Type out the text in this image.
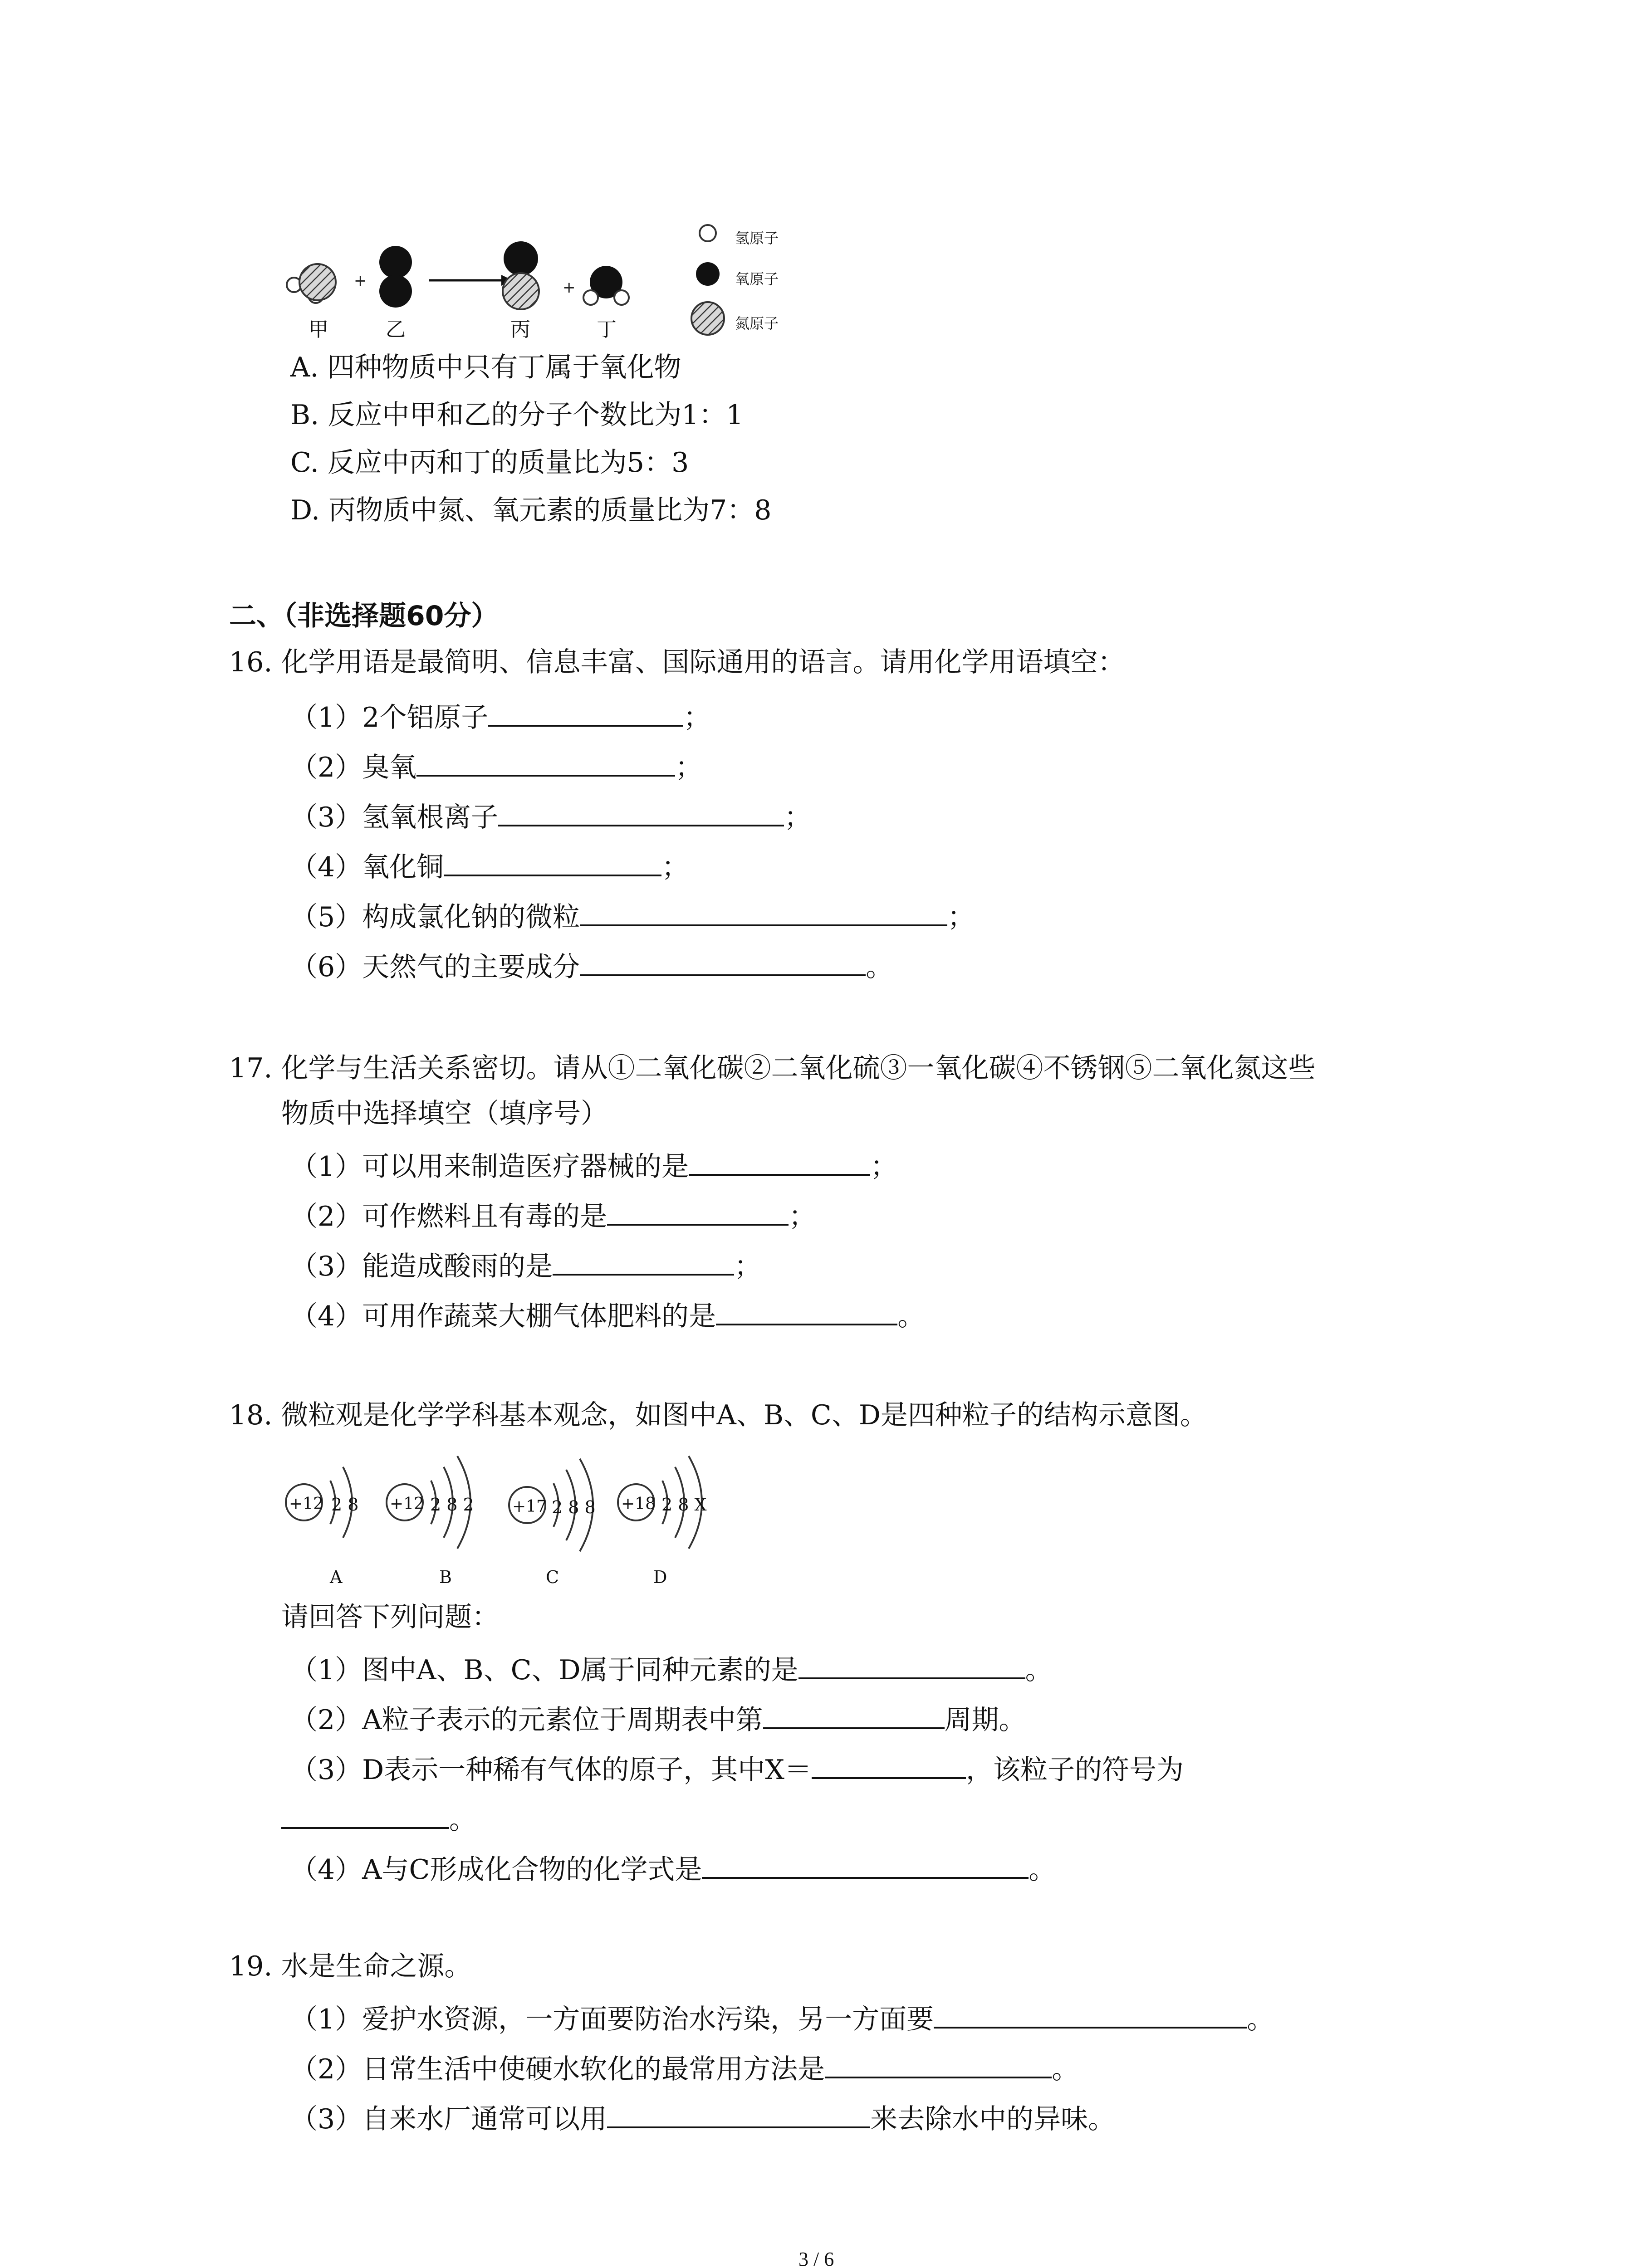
+	+
甲	乙	丙	丁
氢原子
氧原子
氮原子
A. 四种物质中只有丁属于氧化物
B. 反应中甲和乙的分子个数比为1：1
C. 反应中丙和丁的质量比为5：3
D. 丙物质中氮、氧元素的质量比为7：8
二、（非选择题60分）
16. 化学用语是最简明、信息丰富、国际通用的语言。请用化学用语填空：
（1）2个铝原子	；
（2）臭氧	；
（3）氢氧根离子	；
（4）氧化铜	；
（5）构成氯化钠的微粒	；
（6）天然气的主要成分	。
17. 化学与生活关系密切。请从①二氧化碳②二氧化硫③一氧化碳④不锈钢⑤二氧化氮这些
物质中选择填空（填序号）
（1）可以用来制造医疗器械的是	；
（2）可作燃料且有毒的是	；
（3）能造成酸雨的是	；
（4）可用作蔬菜大棚气体肥料的是	。
18. 微粒观是化学学科基本观念，如图中A、B、C、D是四种粒子的结构示意图。
+12 2 8
A
+12 2 8 2
B
+17 2 8 8
C
+18 2 8 X
D
请回答下列问题：
（1）图中A、B、C、D属于同种元素的是	。
（2）A粒子表示的元素位于周期表中第	周期。
（3）D表示一种稀有气体的原子，其中X＝	，该粒子的符号为
。
（4）A与C形成化合物的化学式是	。
19. 水是生命之源。
（1）爱护水资源，一方面要防治水污染，另一方面要	。
（2）日常生活中使硬水软化的最常用方法是	。
（3）自来水厂通常可以用	来去除水中的异味。
3 / 6
